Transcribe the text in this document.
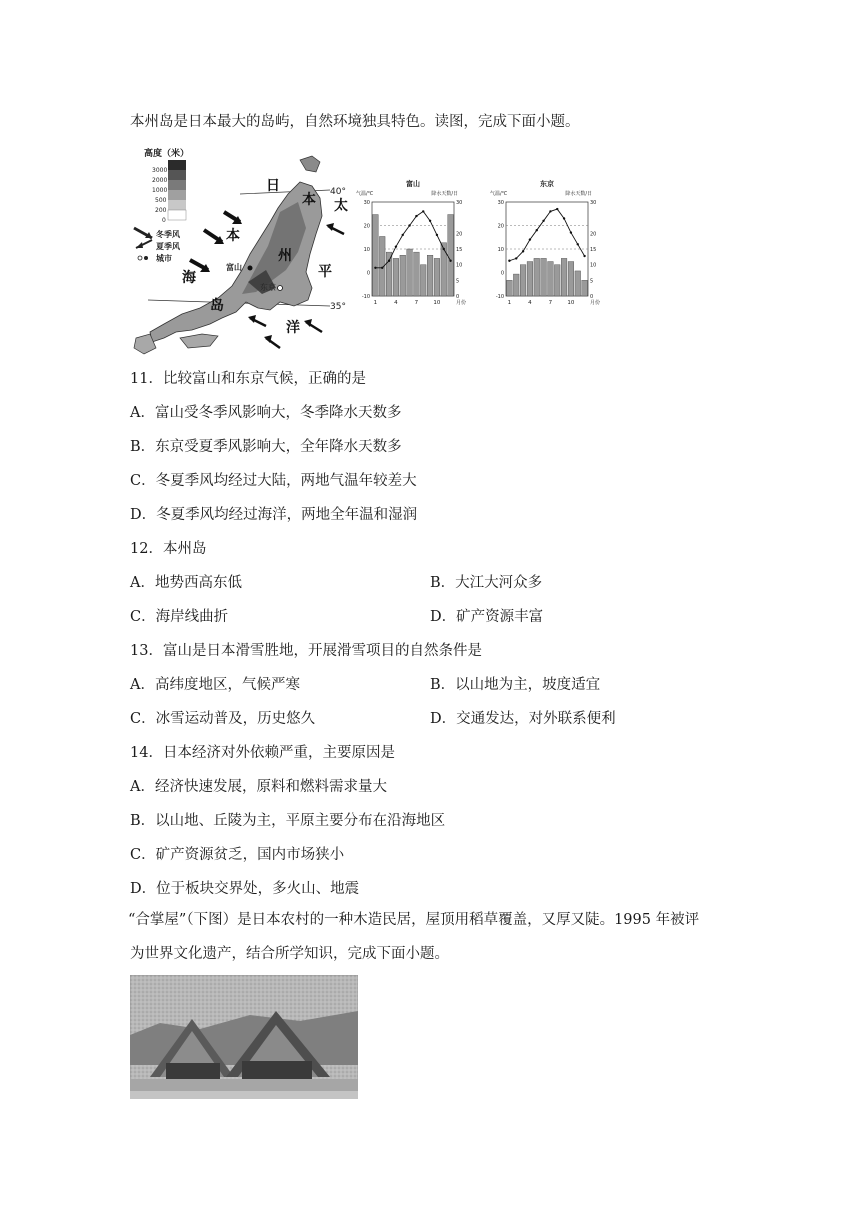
本州岛是日本最大的岛屿，自然环境独具特色。读图，完成下面小题。
高度（米）
3000
2000
1000
500
200
0
冬季风
夏季风
城市
40°
35°
富山
东京
日
本
海
本
州
岛
太
平
洋
富山
气温/℃	降水天数/日
30
20
10
0
-10
30
20
15
10
5
0
1	4	7	10	月份
东京
气温/℃	降水天数/日
30
20
10
0
-10
30
20
15
10
5
0
1	4	7	10	月份
11．比较富山和东京气候，正确的是
A．富山受冬季风影响大，冬季降水天数多
B．东京受夏季风影响大，全年降水天数多
C．冬夏季风均经过大陆，两地气温年较差大
D．冬夏季风均经过海洋，两地全年温和湿润
12．本州岛
A．地势西高东低	B．大江大河众多
C．海岸线曲折	D．矿产资源丰富
13．富山是日本滑雪胜地，开展滑雪项目的自然条件是
A．高纬度地区，气候严寒	B．以山地为主，坡度适宜
C．冰雪运动普及，历史悠久	D．交通发达，对外联系便利
14．日本经济对外依赖严重，主要原因是
A．经济快速发展，原料和燃料需求量大
B．以山地、丘陵为主，平原主要分布在沿海地区
C．矿产资源贫乏，国内市场狭小
D．位于板块交界处，多火山、地震
“合掌屋”（下图）是日本农村的一种木造民居，屋顶用稻草覆盖，又厚又陡。1995 年被评
为世界文化遗产，结合所学知识，完成下面小题。
